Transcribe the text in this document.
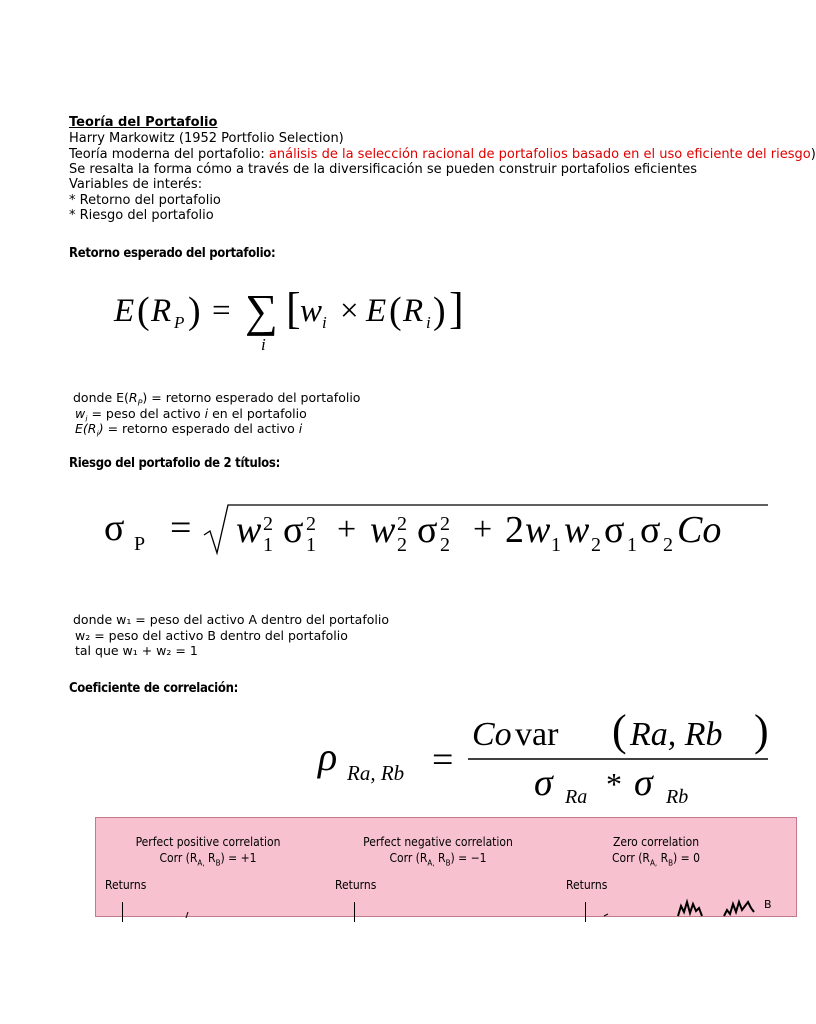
Teoría del Portafolio
Harry Markowitz (1952 Portfolio Selection)
Teoría moderna del portafolio: análisis de la selección racional de portafolios basado en el uso eficiente del riesgo)
Se resalta la forma cómo a través de la diversificación se pueden construir portafolios eficientes
Variables de interés:
* Retorno del portafolio
* Riesgo del portafolio
Retorno esperado del portafolio:
E ( R P ) = ∑
i
[ w i × E ( R i ) ]
donde $E(R_P)$ = retorno esperado del portafolio
$w_i$ = peso del activo i en el portafolio
$E(R_i)$ = retorno esperado del activo i
Riesgo del portafolio de 2 títulos:
σ P = w 2
1 σ 2
1 + w 2
2 σ 2
2 + 2 w 1 w 2 σ 1 σ 2 Co
donde w₁ = peso del activo A dentro del portafolio
w₂ = peso del activo B dentro del portafolio
tal que w₁ + w₂ = 1
Coeficiente de correlación:
ρ Ra, Rb =
Co var ( Ra, Rb )
σ Ra * σ Rb
Perfect positive correlation
Corr ($R_{A,}$ $R_B) = +1$
Perfect negative correlation
Corr ($R_{A,}$ $R_B) = -1$
Zero correlation
Corr ($R_{A,}$ $R_B) = 0$
Returns	Returns	Returns
B
